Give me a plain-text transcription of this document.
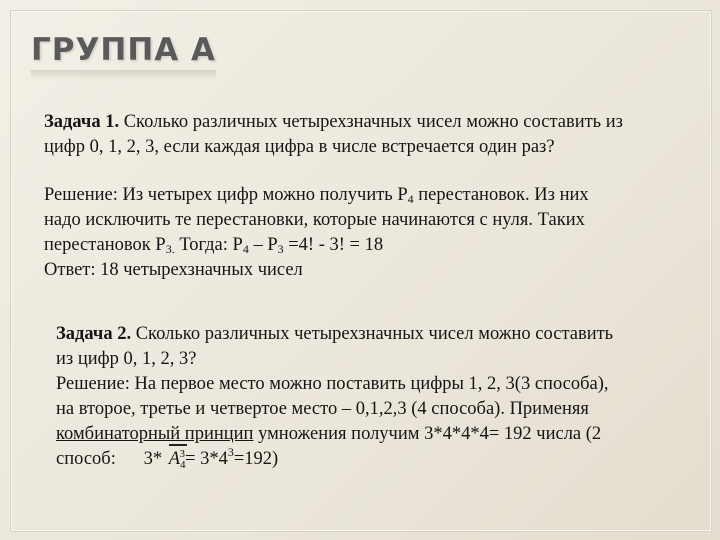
ГРУППА А
Задача 1. Сколько различных четырехзначных чисел можно составить из
цифр 0, 1, 2, 3, если каждая цифра в числе встречается один раз?
Решение: Из четырех цифр можно получить $Р_4$ перестановок. Из них
надо исключить те перестановки, которые начинаются с нуля. Таких
перестановок $Р_{3.}$ Тогда: $Р_4 - Р_3 =4$! - 3! = 18
Ответ: 18 четырехзначных чисел
Задача 2. Сколько различных четырехзначных чисел можно составить
из цифр 0, 1, 2, 3?
Решение: На первое место можно поставить цифры 1, 2, 3(3 способа),
на второе, третье и четвертое место – 0,1,2,3 (4 способа). Применяя
комбинаторный принцип умножения получим 3*4*4*4= 192 числа (2
способ:      3*
$A_4^3= 3*4^3=192$)
